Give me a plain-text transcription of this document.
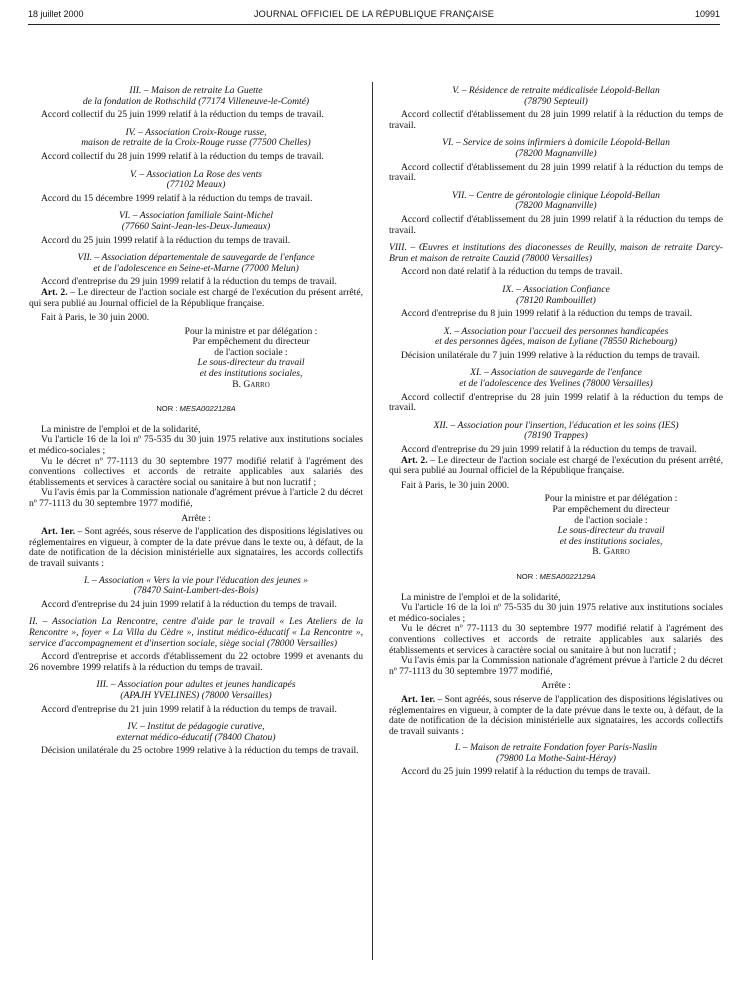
18 juillet 2000	JOURNAL OFFICIEL DE LA RÉPUBLIQUE FRANÇAISE	10991
III. – Maison de retraite La Guette
de la fondation de Rothschild (77174 Villeneuve-le-Comté)

Accord collectif du 25 juin 1999 relatif à la réduction du temps de travail.

IV. – Association Croix-Rouge russe,
maison de retraite de la Croix-Rouge russe (77500 Chelles)

Accord collectif du 28 juin 1999 relatif à la réduction du temps de travail.

V. – Association La Rose des vents
(77102 Meaux)

Accord du 15 décembre 1999 relatif à la réduction du temps de travail.

VI. – Association familiale Saint-Michel
(77660 Saint-Jean-les-Deux-Jumeaux)

Accord du 25 juin 1999 relatif à la réduction du temps de travail.

VII. – Association départementale de sauvegarde de l'enfance
et de l'adolescence en Seine-et-Marne (77000 Melun)

Accord d'entreprise du 29 juin 1999 relatif à la réduction du temps de travail.

Art. 2. – Le directeur de l'action sociale est chargé de l'exécution du présent arrêté, qui sera publié au Journal officiel de la République française.

Fait à Paris, le 30 juin 2000.

Pour la ministre et par délégation :
Par empêchement du directeur
de l'action sociale :
Le sous-directeur du travail
et des institutions sociales,
B. Garro
NOR : MESA0022128A

La ministre de l'emploi et de la solidarité,

Vu l'article 16 de la loi nº 75-535 du 30 juin 1975 relative aux institutions sociales et médico-sociales ;

Vu le décret nº 77-1113 du 30 septembre 1977 modifié relatif à l'agrément des conventions collectives et accords de retraite applicables aux salariés des établissements et services à caractère social ou sanitaire à but non lucratif ;

Vu l'avis émis par la Commission nationale d'agrément prévue à l'article 2 du décret nº 77-1113 du 30 septembre 1977 modifié,

Arrête :

Art. 1er. – Sont agréés, sous réserve de l'application des dispositions législatives ou réglementaires en vigueur, à compter de la date prévue dans le texte ou, à défaut, de la date de notification de la décision ministérielle aux signataires, les accords collectifs de travail suivants :

I. – Association « Vers la vie pour l'éducation des jeunes »
(78470 Saint-Lambert-des-Bois)

Accord d'entreprise du 24 juin 1999 relatif à la réduction du temps de travail.

II. – Association La Rencontre, centre d'aide par le travail « Les Ateliers de la Rencontre », foyer « La Villa du Cèdre », institut médico-éducatif « La Rencontre », service d'accompagnement et d'insertion sociale, siège social (78000 Versailles)

Accord d'entreprise et accords d'établissement du 22 octobre 1999 et avenants du 26 novembre 1999 relatifs à la réduction du temps de travail.

III. – Association pour adultes et jeunes handicapés
(APAJH YVELINES) (78000 Versailles)

Accord d'entreprise du 21 juin 1999 relatif à la réduction du temps de travail.

IV. – Institut de pédagogie curative,
externat médico-éducatif (78400 Chatou)

Décision unilatérale du 25 octobre 1999 relative à la réduction du temps de travail.

V. – Résidence de retraite médicalisée Léopold-Bellan
(78790 Septeuil)

Accord collectif d'établissement du 28 juin 1999 relatif à la réduction du temps de travail.

VI. – Service de soins infirmiers à domicile Léopold-Bellan
(78200 Magnanville)

Accord collectif d'établissement du 28 juin 1999 relatif à la réduction du temps de travail.

VII. – Centre de gérontologie clinique Léopold-Bellan
(78200 Magnanville)

Accord collectif d'établissement du 28 juin 1999 relatif à la réduction du temps de travail.

VIII. – Œuvres et institutions des diaconesses de Reuilly, maison de retraite Darcy-Brun et maison de retraite Cauzid (78000 Versailles)

Accord non daté relatif à la réduction du temps de travail.

IX. – Association Confiance
(78120 Rambouillet)

Accord d'entreprise du 8 juin 1999 relatif à la réduction du temps de travail.

X. – Association pour l'accueil des personnes handicapées
et des personnes âgées, maison de Lyliane (78550 Richebourg)

Décision unilatérale du 7 juin 1999 relative à la réduction du temps de travail.

XI. – Association de sauvegarde de l'enfance
et de l'adolescence des Yvelines (78000 Versailles)

Accord collectif d'entreprise du 28 juin 1999 relatif à la réduction du temps de travail.

XII. – Association pour l'insertion, l'éducation et les soins (IES)
(78190 Trappes)

Accord d'entreprise du 29 juin 1999 relatif à la réduction du temps de travail.

Art. 2. – Le directeur de l'action sociale est chargé de l'exécution du présent arrêté, qui sera publié au Journal officiel de la République française.

Fait à Paris, le 30 juin 2000.

Pour la ministre et par délégation :
Par empêchement du directeur
de l'action sociale :
Le sous-directeur du travail
et des institutions sociales,
B. Garro
NOR : MESA0022129A

La ministre de l'emploi et de la solidarité,

Vu l'article 16 de la loi nº 75-535 du 30 juin 1975 relative aux institutions sociales et médico-sociales ;

Vu le décret nº 77-1113 du 30 septembre 1977 modifié relatif à l'agrément des conventions collectives et accords de retraite applicables aux salariés des établissements et services à caractère social ou sanitaire à but non lucratif ;

Vu l'avis émis par la Commission nationale d'agrément prévue à l'article 2 du décret nº 77-1113 du 30 septembre 1977 modifié,

Arrête :

Art. 1er. – Sont agréés, sous réserve de l'application des dispositions législatives ou réglementaires en vigueur, à compter de la date prévue dans le texte ou, à défaut, de la date de notification de la décision ministérielle aux signataires, les accords collectifs de travail suivants :

I. – Maison de retraite Fondation foyer Paris-Naslin
(79800 La Mothe-Saint-Héray)

Accord du 25 juin 1999 relatif à la réduction du temps de travail.
